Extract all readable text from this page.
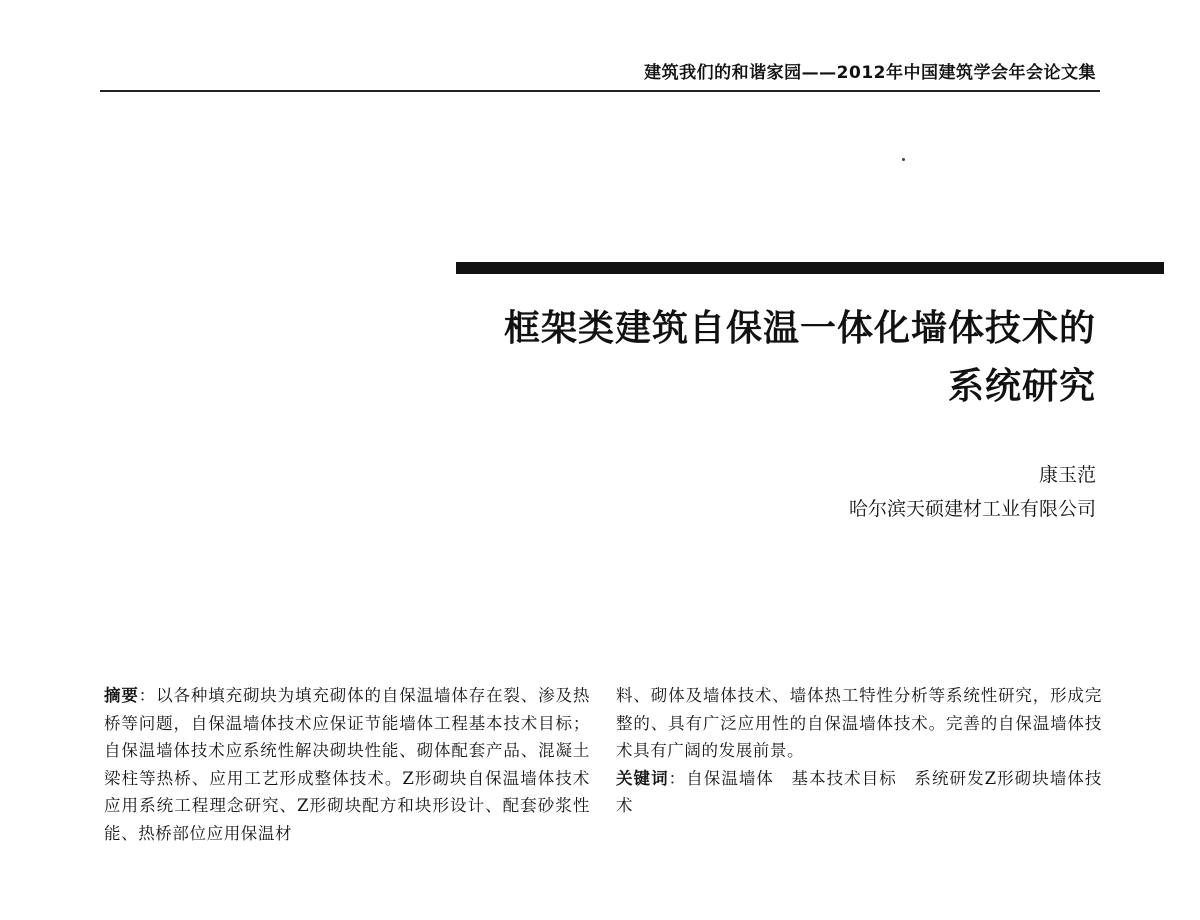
建筑我们的和谐家园——2012年中国建筑学会年会论文集
框架类建筑自保温一体化墙体技术的
系统研究
康玉范
哈尔滨天硕建材工业有限公司

摘要：以各种填充砌块为填充砌体的自保温墙体存在裂、渗及热桥等问题，自保温墙体技术应保证节能墙体工程基本技术目标；自保温墙体技术应系统性解决砌块性能、砌体配套产品、混凝土梁柱等热桥、应用工艺形成整体技术。Z形砌块自保温墙体技术应用系统工程理念研究、Z形砌块配方和块形设计、配套砂浆性能、热桥部位应用保温材

料、砌体及墙体技术、墙体热工特性分析等系统性研究，形成完整的、具有广泛应用性的自保温墙体技术。完善的自保温墙体技术具有广阔的发展前景。

关键词：自保温墙体　基本技术目标　系统研发Z形砌块墙体技术
